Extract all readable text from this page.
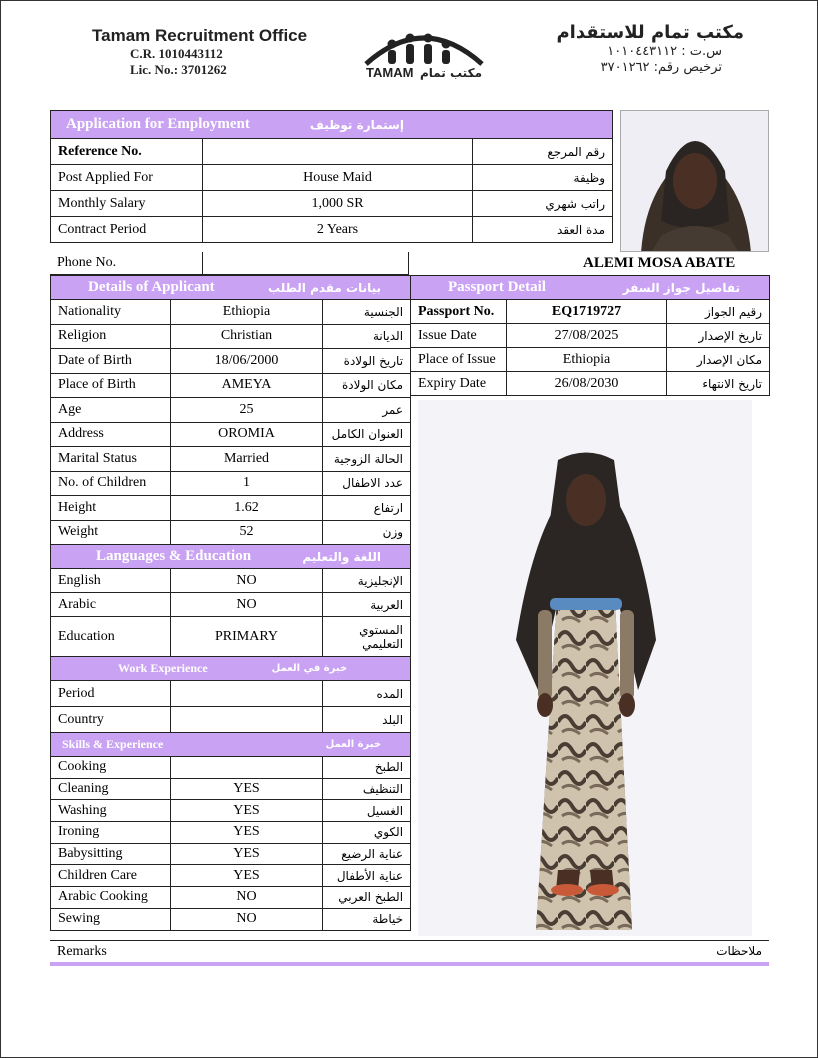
Tamam Recruitment Office
C.R. 1010443112
Lic. No.: 3701262	TAMAM مكتب تمام
مكتب تمام للاستقدام
س.ت : ١٠١٠٤٤٣١١٢
ترخيص رقم: ٣٧٠١٢٦٢
Application for Employment إستمارة توظيف		

Reference No.		رقم المرجع
Post Applied For	House Maid	وظيفة
Monthly Salary	1,000 SR	راتب شهري
Contract Period	2 Years	مدة العقد
Phone No.		ALEMI MOSA ABATE
Details of Applicant بيانات مقدم الطلب		

Nationality	Ethiopia	الجنسية
Religion	Christian	الديانة
Date of Birth	18/06/2000	تاريخ الولادة
Place of Birth	AMEYA	مكان الولادة
Age	25	عمر
Address	OROMIA	العنوان الكامل
Marital Status	Married	الحالة الزوجية
No. of Children	1	عدد الاطفال
Height	1.62	ارتفاع
Weight	52	وزن

Languages & Education اللغة والتعليم		

English	NO	الإنجليزية
Arabic	NO	العربية
Education	PRIMARY	المستوي التعليمي

Work Experience خبرة في العمل		

Period		المده
Country		البلد

Skills & Experience خبرة العمل		

Cooking		الطبخ
Cleaning	YES	التنظيف
Washing	YES	الغسيل
Ironing	YES	الكوي
Babysitting	YES	عناية الرضيع
Children Care	YES	عناية الأطفال
Arabic Cooking	NO	الطبخ العربي
Sewing	NO	خياطة
Passport Detail تفاصيل جواز السفر		

Passport No.	EQ1719727	رقيم الجواز
Issue Date	27/08/2025	تاريخ الإصدار
Place of Issue	Ethiopia	مكان الإصدار
Expiry Date	26/08/2030	تاريخ الانتهاء
Remarks	ملاحظات
